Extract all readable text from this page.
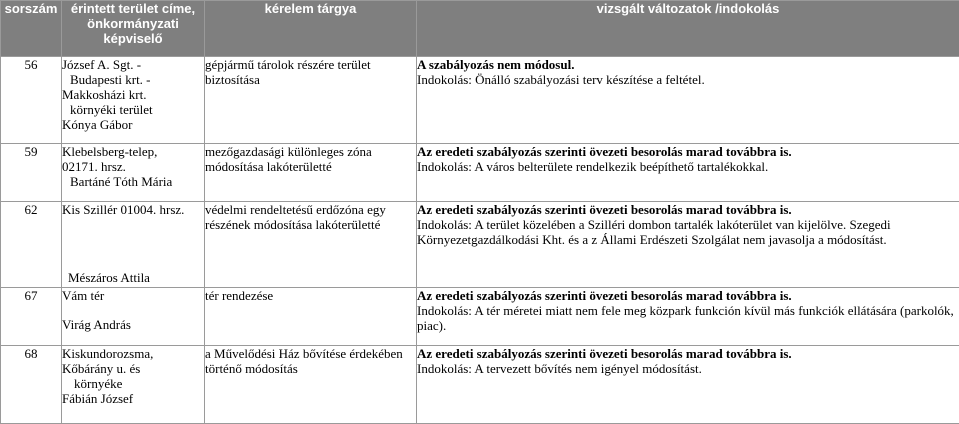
sorszám	érintett terület címe, önkormányzati képviselő	kérelem tárgya	vizsgált változatok /indokolás
56	József A. Sgt. -
Budapesti krt. -
Makkosházi krt.
környéki terület
Kónya Gábor	gépjármű tárolok részére terület biztosítása	A szabályozás nem módosul.
Indokolás: Önálló szabályozási terv készítése a feltétel.

59	Klebelsberg-telep,
02171. hrsz.
Bartáné Tóth Mária	mezőgazdasági különleges zóna módosítása lakóterületté	Az eredeti szabályozás szerinti övezeti besorolás marad továbbra is.
Indokolás: A város belterülete rendelkezik beépíthető tartalékokkal.

62	Kis Szillér 01004. hrsz.
Mészáros Attila	védelmi rendeltetésű erdőzóna egy részének módosítása lakóterületté	Az eredeti szabályozás szerinti övezeti besorolás marad továbbra is.
Indokolás: A terület közelében a Szilléri dombon tartalék lakóterület van kijelölve. Szegedi Környezetgazdálkodási Kht. és a z Állami Erdészeti Szolgálat nem javasolja a módosítást.

67	Vám tér
Virág András	tér rendezése	Az eredeti szabályozás szerinti övezeti besorolás marad továbbra is.
Indokolás: A tér méretei miatt nem fele meg közpark funkción kívül más funkciók ellátására (parkolók, piac).

68	Kiskundorozsma,
Kőbárány u. és
környéke
Fábián József	a Művelődési Ház bővítése érdekében történő módosítás	Az eredeti szabályozás szerinti övezeti besorolás marad továbbra is.
Indokolás: A tervezett bővítés nem igényel módosítást.
